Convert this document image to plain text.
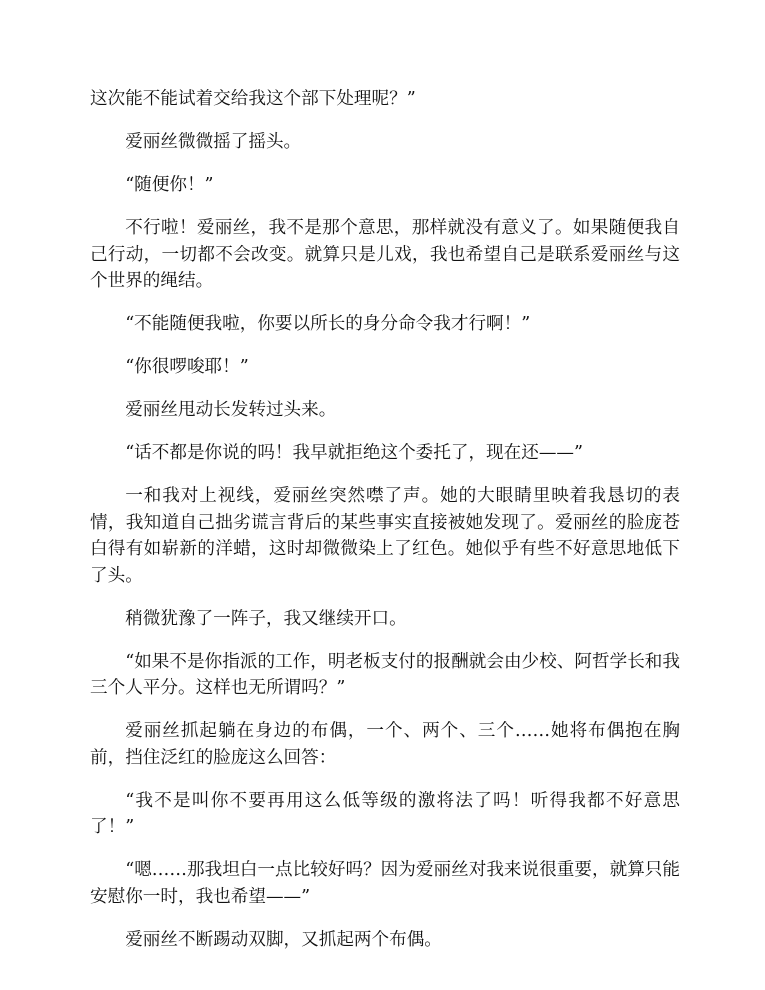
这次能不能试着交给我这个部下处理呢？”

爱丽丝微微摇了摇头。

“随便你！”

不行啦！爱丽丝，我不是那个意思，那样就没有意义了。如果随便我自己行动，一切都不会改变。就算只是儿戏，我也希望自己是联系爱丽丝与这个世界的绳结。

“不能随便我啦，你要以所长的身分命令我才行啊！”

“你很啰唆耶！”

爱丽丝甩动长发转过头来。

“话不都是你说的吗！我早就拒绝这个委托了，现在还——”

一和我对上视线，爱丽丝突然噤了声。她的大眼睛里映着我恳切的表情，我知道自己拙劣谎言背后的某些事实直接被她发现了。爱丽丝的脸庞苍白得有如崭新的洋蜡，这时却微微染上了红色。她似乎有些不好意思地低下了头。

稍微犹豫了一阵子，我又继续开口。

“如果不是你指派的工作，明老板支付的报酬就会由少校、阿哲学长和我三个人平分。这样也无所谓吗？”

爱丽丝抓起躺在身边的布偶，一个、两个、三个……她将布偶抱在胸前，挡住泛红的脸庞这么回答：

“我不是叫你不要再用这么低等级的激将法了吗！听得我都不好意思了！”

“嗯……那我坦白一点比较好吗？因为爱丽丝对我来说很重要，就算只能安慰你一时，我也希望——”

爱丽丝不断踢动双脚，又抓起两个布偶。
